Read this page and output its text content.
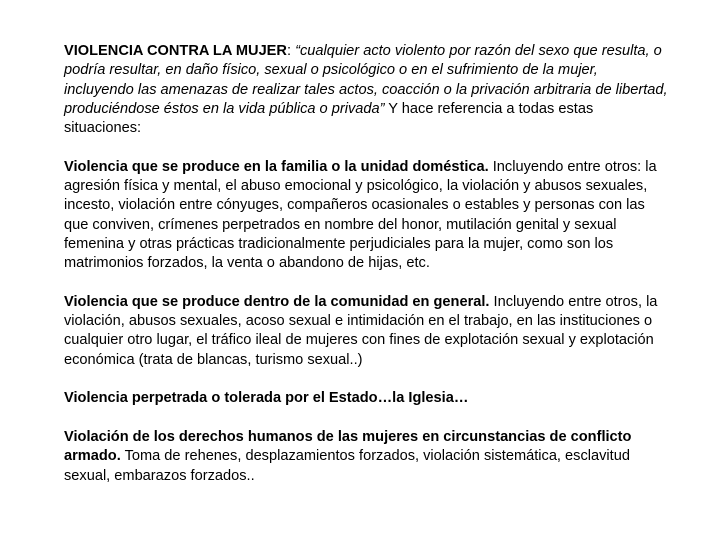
VIOLENCIA CONTRA LA MUJER: “cualquier acto violento por razón del sexo que resulta, o podría resultar, en daño físico, sexual o psicológico o en el sufrimiento de la mujer, incluyendo las amenazas de realizar tales actos, coacción o la privación arbitraria de libertad, produciéndose éstos en la vida pública o privada” Y hace referencia a todas estas situaciones:

Violencia que se produce en la familia o la unidad doméstica. Incluyendo entre otros: la agresión física y mental, el abuso emocional y psicológico, la violación y abusos sexuales, incesto, violación entre cónyuges, compañeros ocasionales o estables y personas con las que conviven, crímenes perpetrados en nombre del honor, mutilación genital y sexual femenina y otras prácticas tradicionalmente perjudiciales para la mujer, como son los matrimonios forzados, la venta o abandono de hijas, etc.

Violencia que se produce dentro de la comunidad en general. Incluyendo entre otros, la violación, abusos sexuales, acoso sexual e intimidación en el trabajo, en las instituciones o cualquier otro lugar, el tráfico ileal de mujeres con fines de explotación sexual y explotación económica (trata de blancas, turismo sexual..)

Violencia perpetrada o tolerada por el Estado…la Iglesia…

Violación de los derechos humanos de las mujeres en circunstancias de conflicto armado. Toma de rehenes, desplazamientos forzados, violación sistemática, esclavitud sexual, embarazos forzados..
